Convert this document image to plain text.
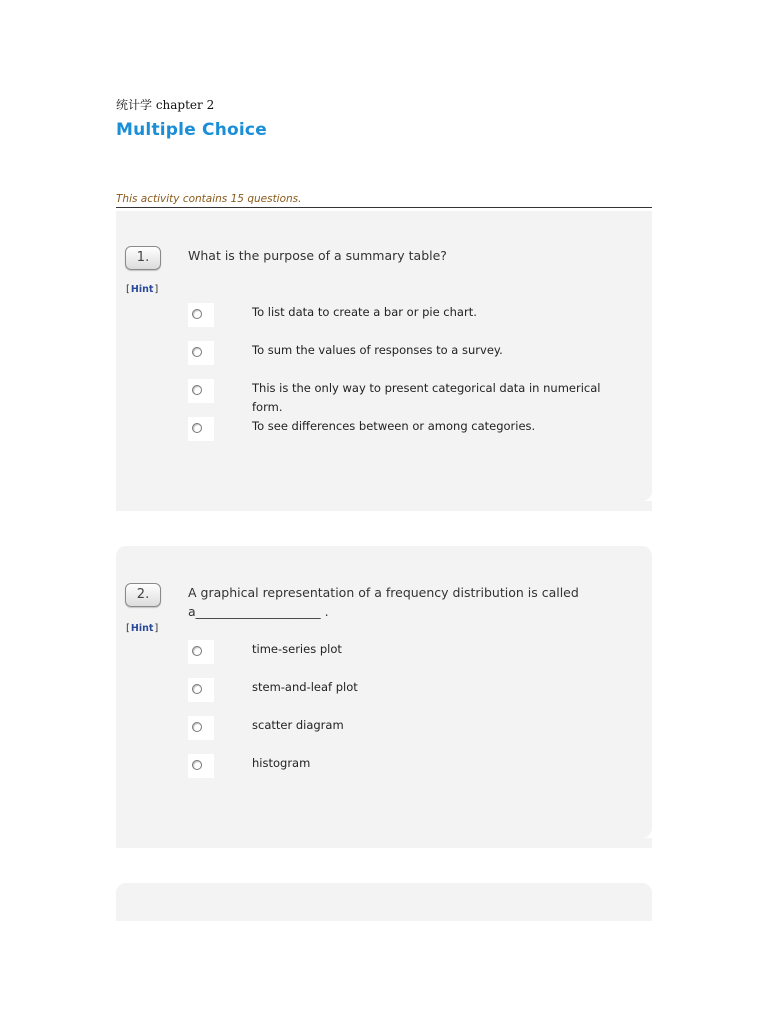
统计学 chapter 2
Multiple Choice
This activity contains 15 questions.
1.
[Hint]
What is the purpose of a summary table?
To list data to create a bar or pie chart.
To sum the values of responses to a survey.
This is the only way to present categorical data in numerical form.
To see differences between or among categories.
2.
[Hint]
A graphical representation of a frequency distribution is called a____________________ .
time-series plot
stem-and-leaf plot
scatter diagram
histogram
